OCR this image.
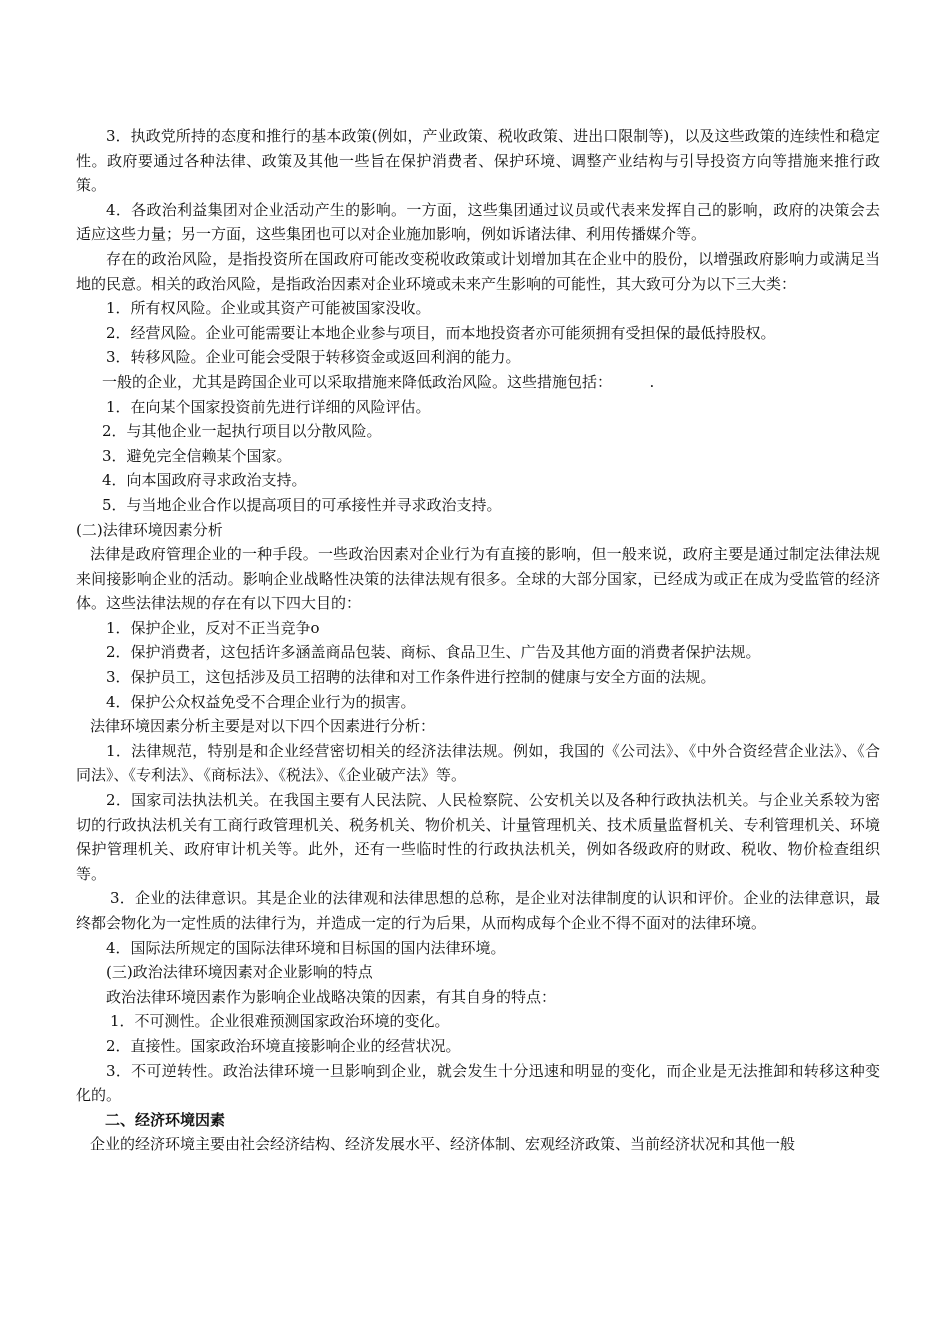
3．执政党所持的态度和推行的基本政策(例如，产业政策、税收政策、进出口限制等)，以及这些政策的连续性和稳定性。政府要通过各种法律、政策及其他一些旨在保护消费者、保护环境、调整产业结构与引导投资方向等措施来推行政策。

4．各政治利益集团对企业活动产生的影响。一方面，这些集团通过议员或代表来发挥自己的影响，政府的决策会去适应这些力量；另一方面，这些集团也可以对企业施加影响，例如诉诸法律、利用传播媒介等。

存在的政治风险，是指投资所在国政府可能改变税收政策或计划增加其在企业中的股份，以增强政府影响力或满足当地的民意。相关的政治风险，是指政治因素对企业环境或未来产生影响的可能性，其大致可分为以下三大类：

1．所有权风险。企业或其资产可能被国家没收。

2．经营风险。企业可能需要让本地企业参与项目，而本地投资者亦可能须拥有受担保的最低持股权。

3．转移风险。企业可能会受限于转移资金或返回利润的能力。

一般的企业，尤其是跨国企业可以采取措施来降低政治风险。这些措施包括：　　　.

1．在向某个国家投资前先进行详细的风险评估。

2．与其他企业一起执行项目以分散风险。

3．避免完全信赖某个国家。

4．向本国政府寻求政治支持。

5．与当地企业合作以提高项目的可承接性并寻求政治支持。

(二)法律环境因素分析

法律是政府管理企业的一种手段。一些政治因素对企业行为有直接的影响，但一般来说，政府主要是通过制定法律法规来间接影响企业的活动。影响企业战略性决策的法律法规有很多。全球的大部分国家，已经成为或正在成为受监管的经济体。这些法律法规的存在有以下四大目的：

1．保护企业，反对不正当竞争o

2．保护消费者，这包括许多涵盖商品包装、商标、食品卫生、广告及其他方面的消费者保护法规。

3．保护员工，这包括涉及员工招聘的法律和对工作条件进行控制的健康与安全方面的法规。

4．保护公众权益免受不合理企业行为的损害。

法律环境因素分析主要是对以下四个因素进行分析：

1．法律规范，特别是和企业经营密切相关的经济法律法规。例如，我国的《公司法》、《中外合资经营企业法》、《合同法》、《专利法》、《商标法》、《税法》、《企业破产法》等。

2．国家司法执法机关。在我国主要有人民法院、人民检察院、公安机关以及各种行政执法机关。与企业关系较为密切的行政执法机关有工商行政管理机关、税务机关、物价机关、计量管理机关、技术质量监督机关、专利管理机关、环境保护管理机关、政府审计机关等。此外，还有一些临时性的行政执法机关，例如各级政府的财政、税收、物价检查组织等。

3．企业的法律意识。其是企业的法律观和法律思想的总称，是企业对法律制度的认识和评价。企业的法律意识，最终都会物化为一定性质的法律行为，并造成一定的行为后果，从而构成每个企业不得不面对的法律环境。

4．国际法所规定的国际法律环境和目标国的国内法律环境。

(三)政治法律环境因素对企业影响的特点

政治法律环境因素作为影响企业战略决策的因素，有其自身的特点：

1．不可测性。企业很难预测国家政治环境的变化。

2．直接性。国家政治环境直接影响企业的经营状况。

3．不可逆转性。政治法律环境一旦影响到企业，就会发生十分迅速和明显的变化，而企业是无法推卸和转移这种变化的。

　二、经济环境因素

企业的经济环境主要由社会经济结构、经济发展水平、经济体制、宏观经济政策、当前经济状况和其他一般
